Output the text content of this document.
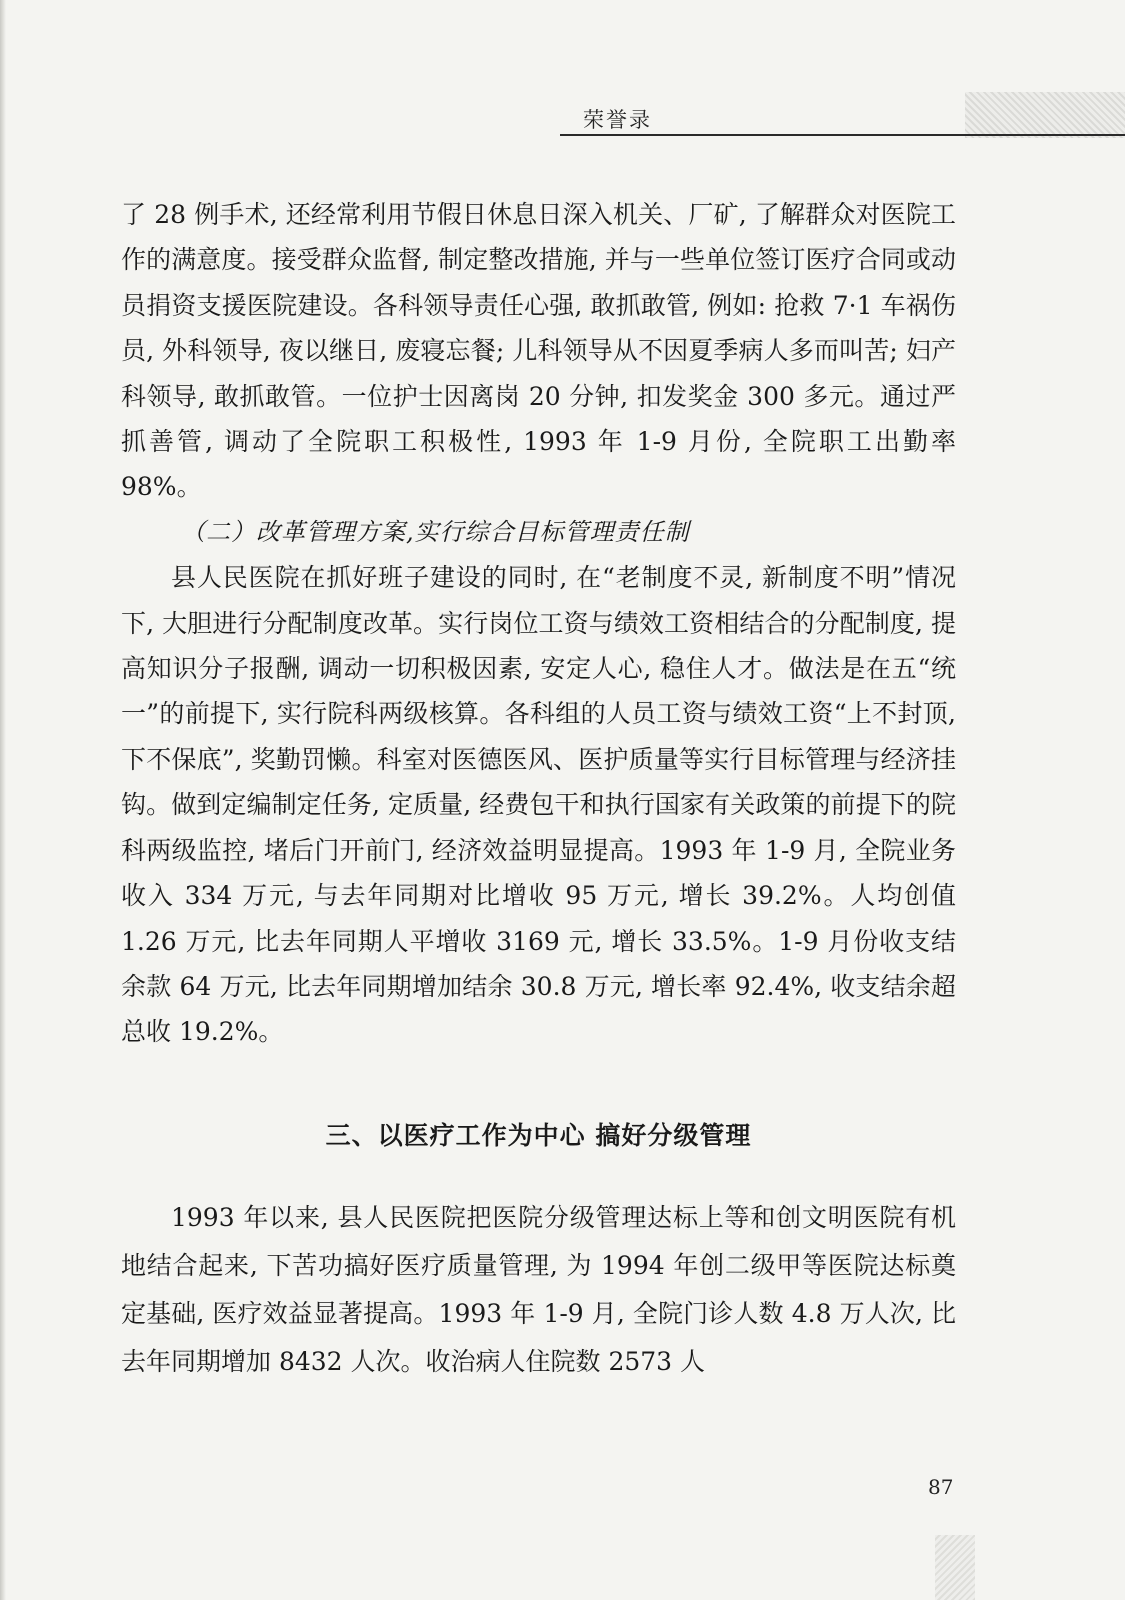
荣誉录

了 28 例手术, 还经常利用节假日休息日深入机关、厂矿, 了解群众对医院工作的满意度。接受群众监督, 制定整改措施, 并与一些单位签订医疗合同或动员捐资支援医院建设。各科领导责任心强, 敢抓敢管, 例如: 抢救 7·1 车祸伤员, 外科领导, 夜以继日, 废寝忘餐; 儿科领导从不因夏季病人多而叫苦; 妇产科领导, 敢抓敢管。一位护士因离岗 20 分钟, 扣发奖金 300 多元。通过严抓善管, 调动了全院职工积极性, 1993 年 1-9 月份, 全院职工出勤率 98%。

（二）改革管理方案,实行综合目标管理责任制

县人民医院在抓好班子建设的同时, 在“老制度不灵, 新制度不明”情况下, 大胆进行分配制度改革。实行岗位工资与绩效工资相结合的分配制度, 提高知识分子报酬, 调动一切积极因素, 安定人心, 稳住人才。做法是在五“统一”的前提下, 实行院科两级核算。各科组的人员工资与绩效工资“上不封顶, 下不保底”, 奖勤罚懒。科室对医德医风、医护质量等实行目标管理与经济挂钩。做到定编制定任务, 定质量, 经费包干和执行国家有关政策的前提下的院科两级监控, 堵后门开前门, 经济效益明显提高。1993 年 1-9 月, 全院业务收入 334 万元, 与去年同期对比增收 95 万元, 增长 39.2%。人均创值 1.26 万元, 比去年同期人平增收 3169 元, 增长 33.5%。1-9 月份收支结余款 64 万元, 比去年同期增加结余 30.8 万元, 增长率 92.4%, 收支结余超总收 19.2%。

三、以医疗工作为中心 搞好分级管理

1993 年以来, 县人民医院把医院分级管理达标上等和创文明医院有机地结合起来, 下苦功搞好医疗质量管理, 为 1994 年创二级甲等医院达标奠定基础, 医疗效益显著提高。1993 年 1-9 月, 全院门诊人数 4.8 万人次, 比去年同期增加 8432 人次。收治病人住院数 2573 人

87
